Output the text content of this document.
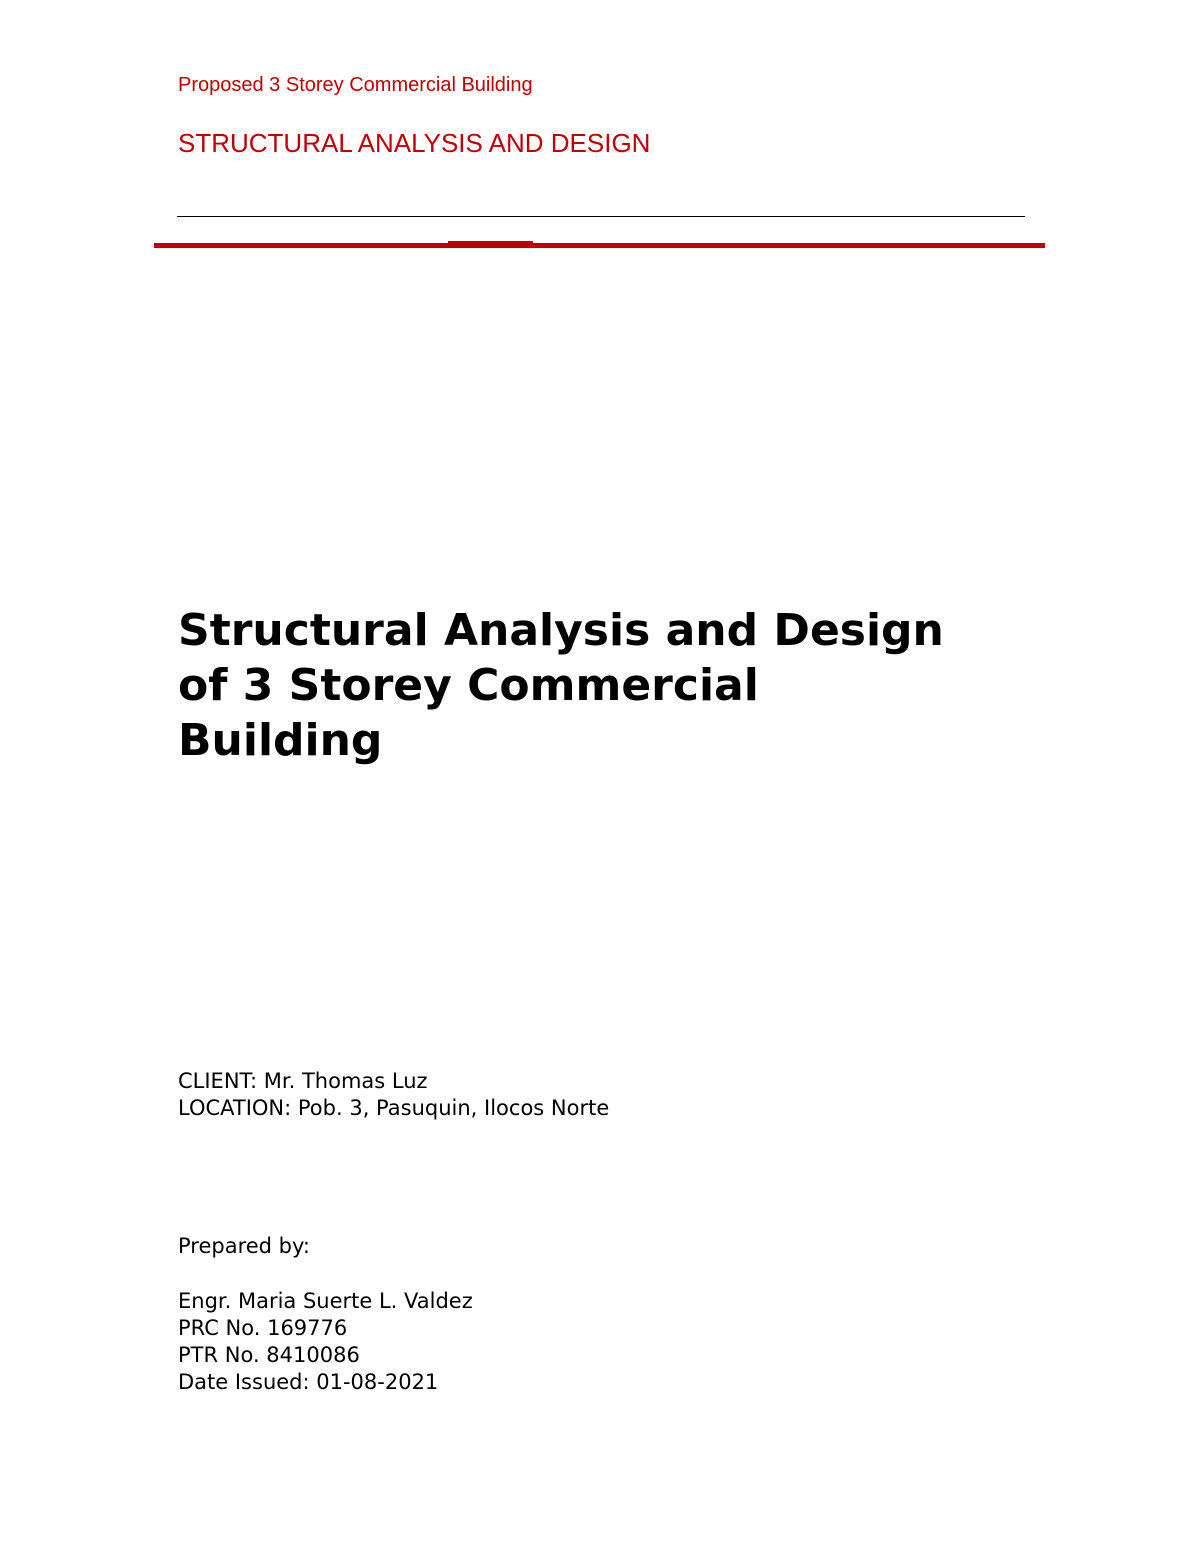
Proposed 3 Storey Commercial Building
STRUCTURAL ANALYSIS AND DESIGN
Structural Analysis and Design
of 3 Storey Commercial
Building
CLIENT: Mr. Thomas Luz
LOCATION: Pob. 3, Pasuquin, Ilocos Norte
Prepared by:
Engr. Maria Suerte L. Valdez
PRC No. 169776
PTR No. 8410086
Date Issued: 01-08-2021
